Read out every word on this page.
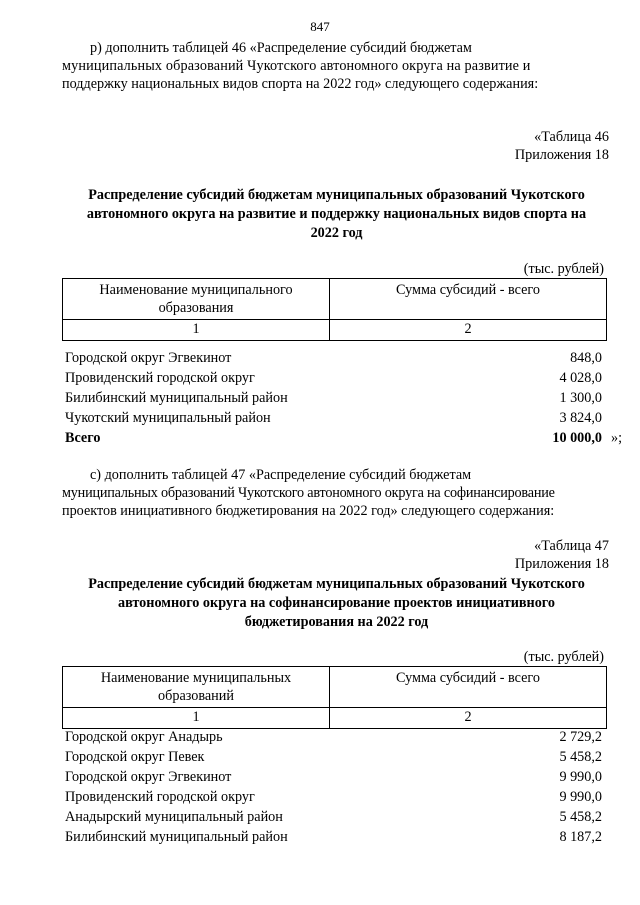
847
р) дополнить таблицей 46 «Распределение субсидий бюджетам
муниципальных образований Чукотского автономного округа на развитие и
поддержку национальных видов спорта на 2022 год» следующего содержания:
«Таблица 46
Приложения 18
Распределение субсидий бюджетам муниципальных образований Чукотского
автономного округа на развитие и поддержку национальных видов спорта на
2022 год
(тыс. рублей)
Наименование муниципального
образования	Сумма субсидий - всего
1	2
Городской округ Эгвекинот	848,0
Провиденский городской округ	4 028,0
Билибинский муниципальный район	1 300,0
Чукотский муниципальный район	3 824,0
Всего	10 000,0 »;
с) дополнить таблицей 47 «Распределение субсидий бюджетам
муниципальных образований Чукотского автономного округа на софинансирование
проектов инициативного бюджетирования на 2022 год» следующего содержания:
«Таблица 47
Приложения 18
Распределение субсидий бюджетам муниципальных образований Чукотского
автономного округа на софинансирование проектов инициативного
бюджетирования на 2022 год
(тыс. рублей)
Наименование муниципальных
образований	Сумма субсидий - всего
1	2
Городской округ Анадырь	2 729,2
Городской округ Певек	5 458,2
Городской округ Эгвекинот	9 990,0
Провиденский городской округ	9 990,0
Анадырский муниципальный район	5 458,2
Билибинский муниципальный район	8 187,2
